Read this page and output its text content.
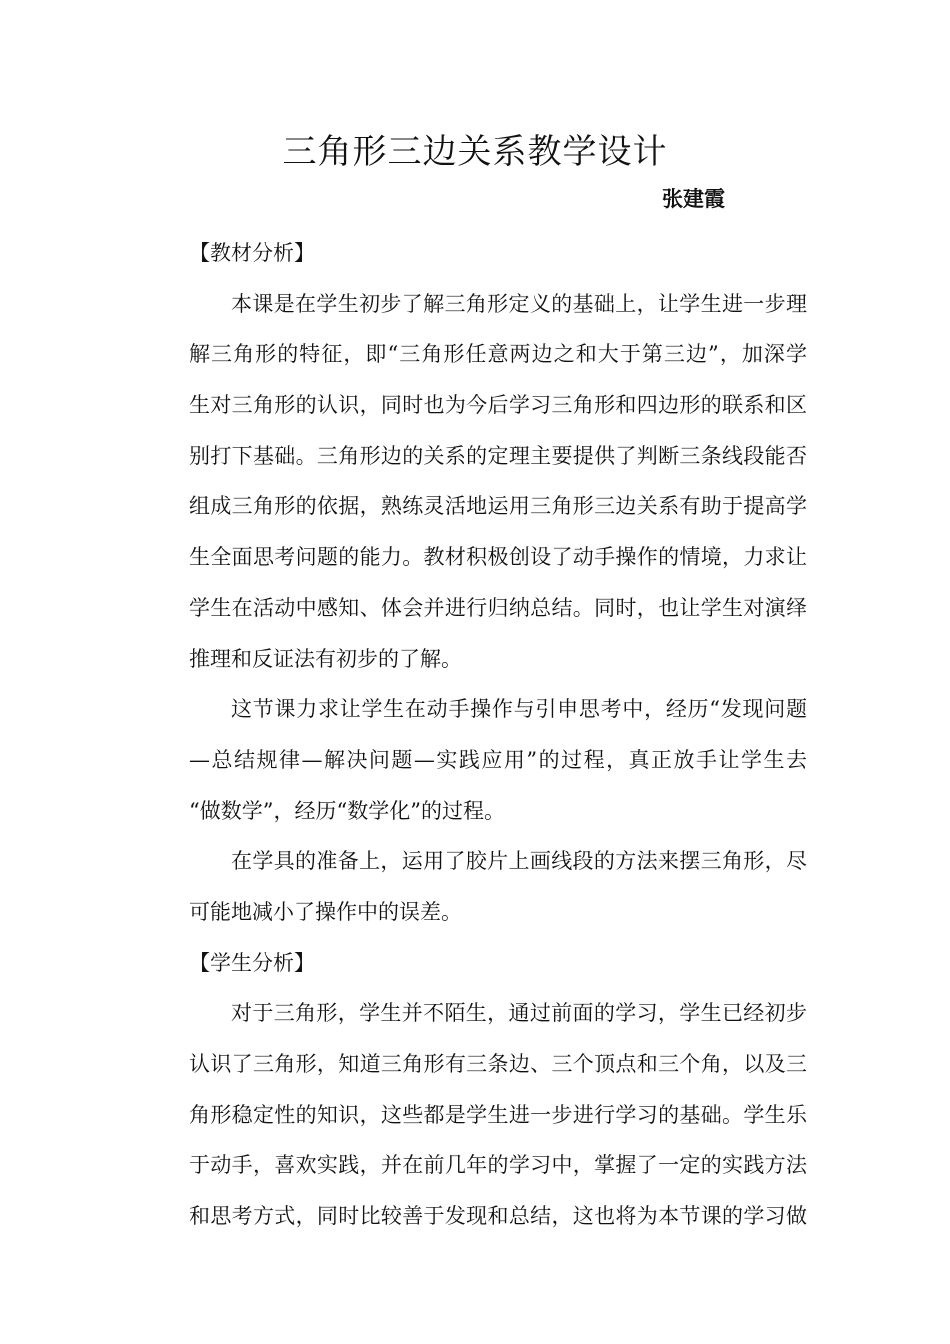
三角形三边关系教学设计
张建霞
【教材分析】
本课是在学生初步了解三角形定义的基础上，让学生进一步理
解三角形的特征，即“三角形任意两边之和大于第三边”，加深学
生对三角形的认识，同时也为今后学习三角形和四边形的联系和区
别打下基础。三角形边的关系的定理主要提供了判断三条线段能否
组成三角形的依据，熟练灵活地运用三角形三边关系有助于提高学
生全面思考问题的能力。教材积极创设了动手操作的情境，力求让
学生在活动中感知、体会并进行归纳总结。同时，也让学生对演绎
推理和反证法有初步的了解。
这节课力求让学生在动手操作与引申思考中，经历“发现问题
—总结规律—解决问题—实践应用”的过程，真正放手让学生去
“做数学”，经历“数学化”的过程。
在学具的准备上，运用了胶片上画线段的方法来摆三角形，尽
可能地减小了操作中的误差。
【学生分析】
对于三角形，学生并不陌生，通过前面的学习，学生已经初步
认识了三角形，知道三角形有三条边、三个顶点和三个角，以及三
角形稳定性的知识，这些都是学生进一步进行学习的基础。学生乐
于动手，喜欢实践，并在前几年的学习中，掌握了一定的实践方法
和思考方式，同时比较善于发现和总结，这也将为本节课的学习做
